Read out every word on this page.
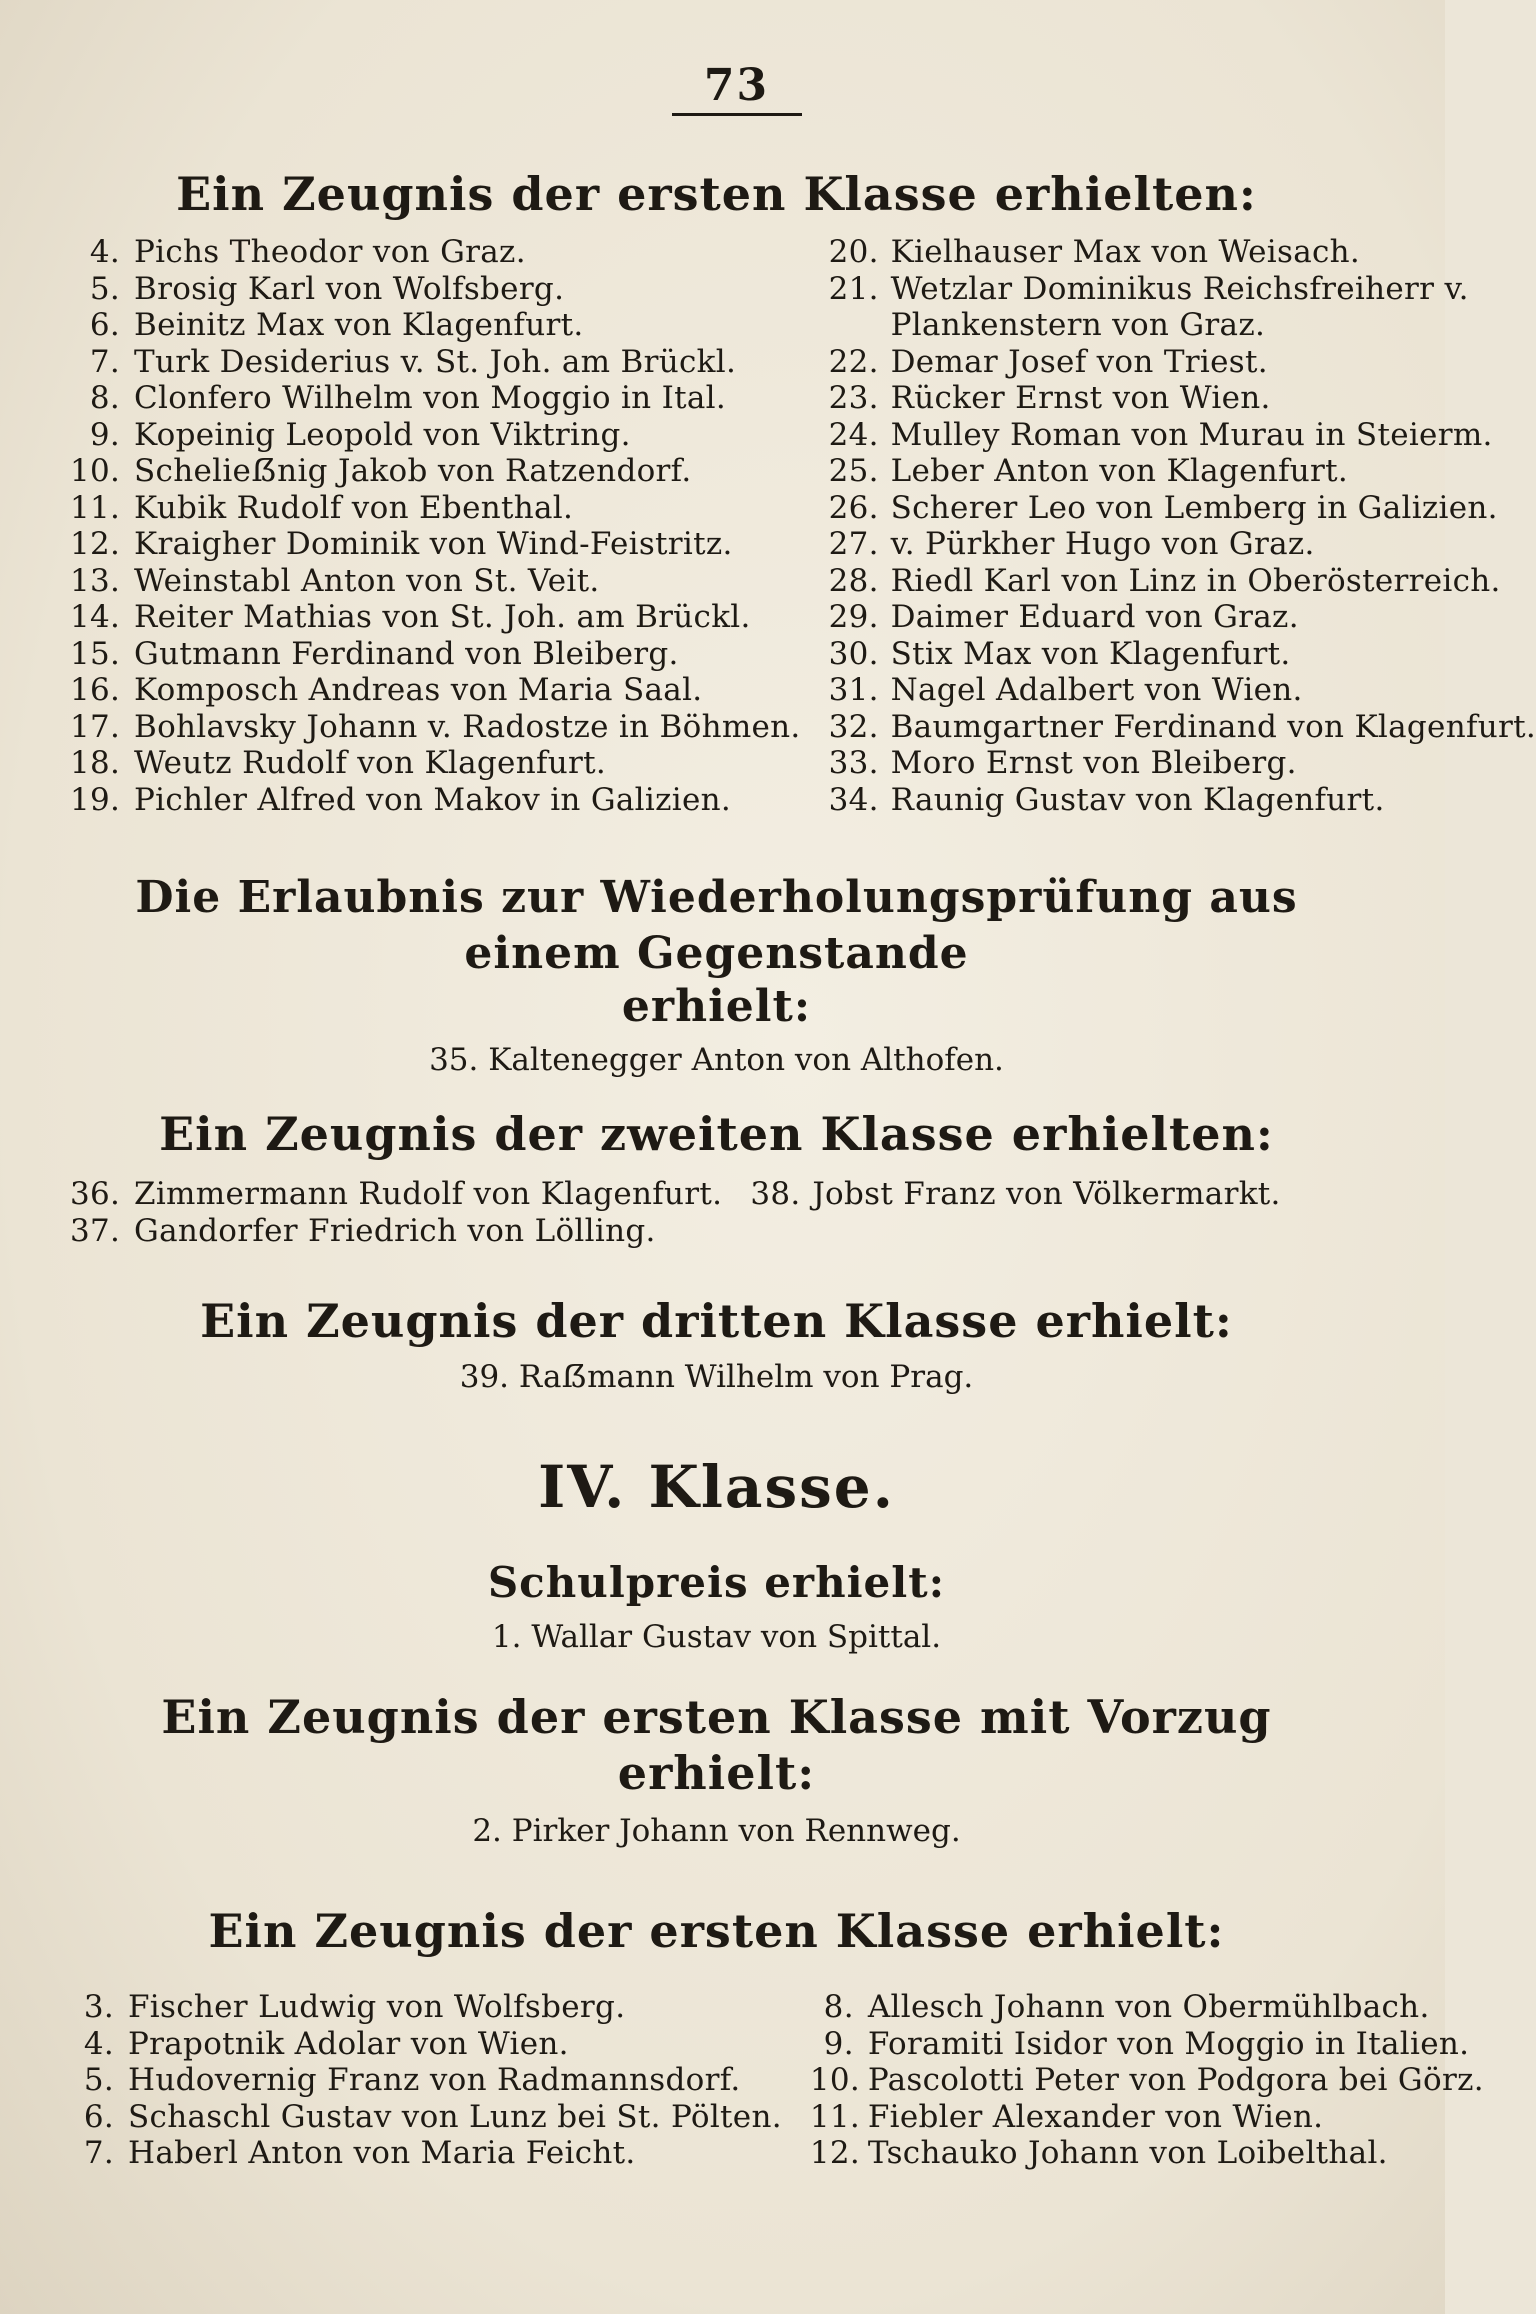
73
Ein Zeugnis der ersten Klasse erhielten:
4. Pichs Theodor von Graz.
5. Brosig Karl von Wolfsberg.
6. Beinitz Max von Klagenfurt.
7. Turk Desiderius v. St. Joh. am Brückl.
8. Clonfero Wilhelm von Moggio in Ital.
9. Kopeinig Leopold von Viktring.
10. Schelieẞnig Jakob von Ratzendorf.
11. Kubik Rudolf von Ebenthal.
12. Kraigher Dominik von Wind-Feistritz.
13. Weinstabl Anton von St. Veit.
14. Reiter Mathias von St. Joh. am Brückl.
15. Gutmann Ferdinand von Bleiberg.
16. Komposch Andreas von Maria Saal.
17. Bohlavsky Johann v. Radostze in Böhmen.
18. Weutz Rudolf von Klagenfurt.
19. Pichler Alfred von Makov in Galizien.
20. Kielhauser Max von Weisach.
21. Wetzlar Dominikus Reichsfreiherr v.
Plankenstern von Graz.
22. Demar Josef von Triest.
23. Rücker Ernst von Wien.
24. Mulley Roman von Murau in Steierm.
25. Leber Anton von Klagenfurt.
26. Scherer Leo von Lemberg in Galizien.
27. v. Pürkher Hugo von Graz.
28. Riedl Karl von Linz in Oberösterreich.
29. Daimer Eduard von Graz.
30. Stix Max von Klagenfurt.
31. Nagel Adalbert von Wien.
32. Baumgartner Ferdinand von Klagenfurt.
33. Moro Ernst von Bleiberg.
34. Raunig Gustav von Klagenfurt.
Die Erlaubnis zur Wiederholungsprüfung aus einem Gegenstande
erhielt:
35. Kaltenegger Anton von Althofen.
Ein Zeugnis der zweiten Klasse erhielten:
36. Zimmermann Rudolf von Klagenfurt.
37. Gandorfer Friedrich von Lölling.
38. Jobst Franz von Völkermarkt.
Ein Zeugnis der dritten Klasse erhielt:
39. Raẞmann Wilhelm von Prag.
IV. Klasse.
Schulpreis erhielt:
1. Wallar Gustav von Spittal.
Ein Zeugnis der ersten Klasse mit Vorzug erhielt:
2. Pirker Johann von Rennweg.
Ein Zeugnis der ersten Klasse erhielt:
3. Fischer Ludwig von Wolfsberg.
4. Prapotnik Adolar von Wien.
5. Hudovernig Franz von Radmannsdorf.
6. Schaschl Gustav von Lunz bei St. Pölten.
7. Haberl Anton von Maria Feicht.
8. Allesch Johann von Obermühlbach.
9. Foramiti Isidor von Moggio in Italien.
10. Pascolotti Peter von Podgora bei Görz.
11. Fiebler Alexander von Wien.
12. Tschauko Johann von Loibelthal.
